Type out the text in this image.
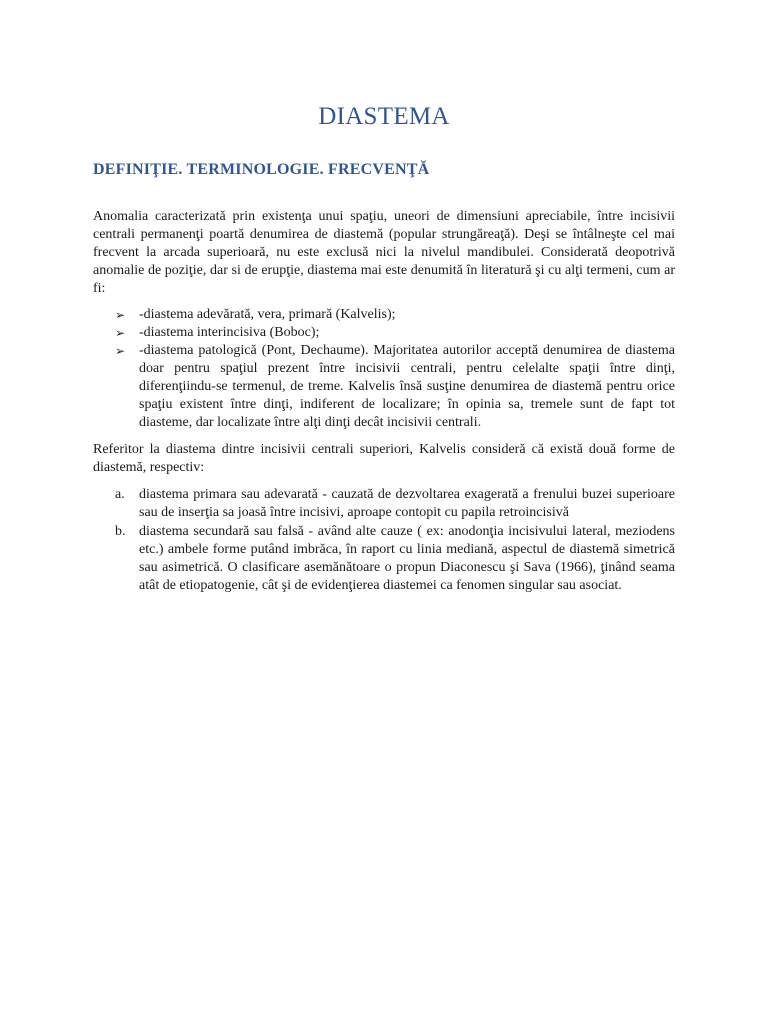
DIASTEMA
DEFINIŢIE. TERMINOLOGIE. FRECVENŢĂ

Anomalia caracterizată prin existenţa unui spaţiu, uneori de dimensiuni apreciabile, între incisivii centrali permanenţi poartă denumirea de diastemă (popular strungăreaţă). Deşi se întâlneşte cel mai frecvent la arcada superioară, nu este exclusă nici la nivelul mandibulei. Considerată deopotrivă anomalie de poziţie, dar si de erupţie, diastema mai este denumită în literatură şi cu alţi termeni, cum ar fi:

➢ -diastema adevărată, vera, primară (Kalvelis);
➢ -diastema interincisiva (Boboc);
➢ -diastema patologică (Pont, Dechaume). Majoritatea autorilor acceptă denumirea de diastema doar pentru spaţiul prezent între incisivii centrali, pentru celelalte spaţii între dinţi, diferenţiindu-se termenul, de treme. Kalvelis însă susţine denumirea de diastemă pentru orice spaţiu existent între dinţi, indiferent de localizare; în opinia sa, tremele sunt de fapt tot diasteme, dar localizate între alţi dinţi decât incisivii centrali.

Referitor la diastema dintre incisivii centrali superiori, Kalvelis consideră că există două forme de diastemă, respectiv:

a. diastema primara sau adevarată - cauzată de dezvoltarea exagerată a frenului buzei superioare sau de inserţia sa joasă între incisivi, aproape contopit cu papila retroincisivă
b. diastema secundară sau falsă - având alte cauze ( ex: anodonţia incisivului lateral, meziodens etc.) ambele forme putând imbrăca, în raport cu linia mediană, aspectul de diastemă simetrică sau asimetrică. O clasificare asemănătoare o propun Diaconescu şi Sava (1966), ţinând seama atât de etiopatogenie, cât şi de evidenţierea diastemei ca fenomen singular sau asociat.
